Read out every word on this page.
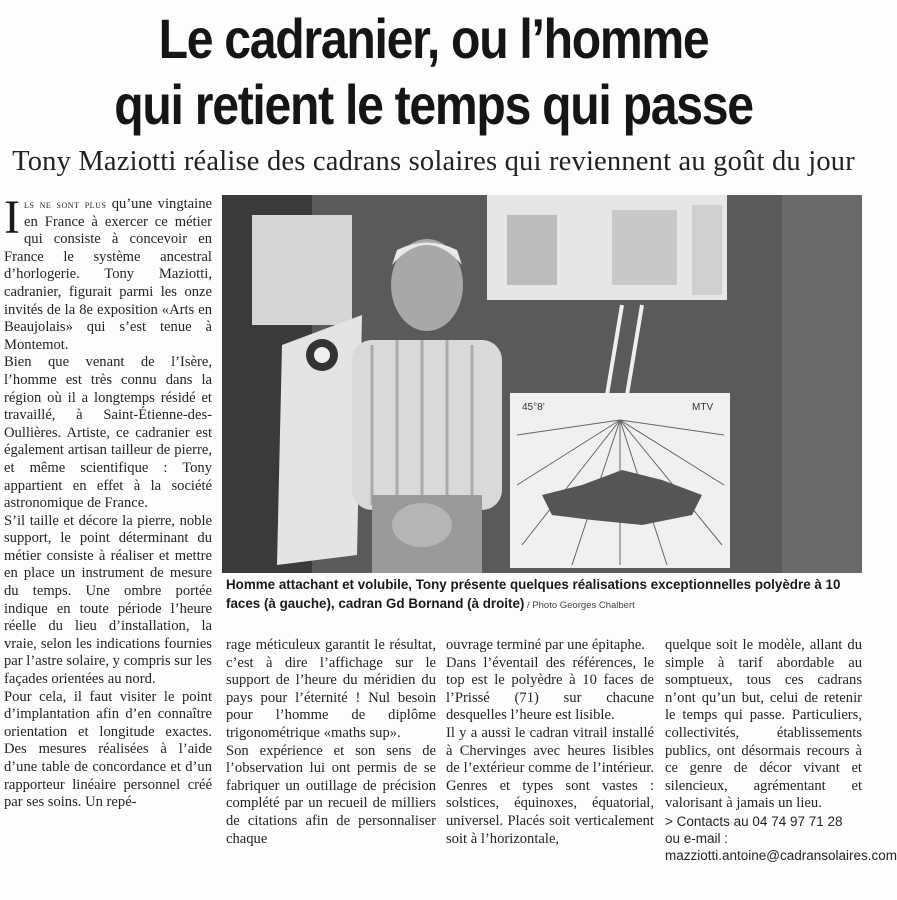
Le cadranier, ou l’homme
qui retient le temps qui passe
Tony Maziotti réalise des cadrans solaires qui reviennent au goût du jour

Ils ne sont plus qu’une vingtaine en France à exercer ce métier qui consiste à concevoir en France le système ancestral d’horlogerie. Tony Maziotti, cadranier, figurait parmi les onze invités de la 8e exposition «Arts en Beaujolais» qui s’est tenue à Montemot.

Bien que venant de l’Isère, l’homme est très connu dans la région où il a longtemps résidé et travaillé, à Saint-Étienne-des-Oullières. Artiste, ce cadranier est également artisan tailleur de pierre, et même scientifique : Tony appartient en effet à la société astronomique de France.

S’il taille et décore la pierre, noble support, le point déterminant du métier consiste à réaliser et mettre en place un instrument de mesure du temps. Une ombre portée indique en toute période l’heure réelle du lieu d’installation, la vraie, selon les indications fournies par l’astre solaire, y compris sur les façades orientées au nord.

Pour cela, il faut visiter le point d’implantation afin d’en connaître orientation et longitude exactes. Des mesures réalisées à l’aide d’une table de concordance et d’un rapporteur linéaire personnel créé par ses soins. Un repé-

45°8’	MTV
Homme attachant et volubile, Tony présente quelques réalisations exceptionnelles polyèdre à 10 faces (à gauche), cadran Gd Bornand (à droite) / Photo Georges Chalbert

rage méticuleux garantit le résultat, c’est à dire l’affichage sur le support de l’heure du méridien du pays pour l’éternité ! Nul besoin pour l’homme de diplôme trigonométrique «maths sup».

Son expérience et son sens de l’observation lui ont permis de se fabriquer un outillage de précision complété par un recueil de milliers de citations afin de personnaliser chaque

ouvrage terminé par une épitaphe.

Dans l’éventail des références, le top est le polyèdre à 10 faces de l’Prissé (71) sur chacune desquelles l’heure est lisible.

Il y a aussi le cadran vitrail installé à Chervinges avec heures lisibles de l’extérieur comme de l’intérieur. Genres et types sont vastes : solstices, équinoxes, équatorial, universel. Placés soit verticalement soit à l’horizontale,

quelque soit le modèle, allant du simple à tarif abordable au somptueux, tous ces cadrans n’ont qu’un but, celui de retenir le temps qui passe. Particuliers, collectivités, établissements publics, ont désormais recours à ce genre de décor vivant et silencieux, agrémentant et valorisant à jamais un lieu.

> Contacts au 04 74 97 71 28
ou e-mail :
mazziotti.antoine@cadransolaires.com
